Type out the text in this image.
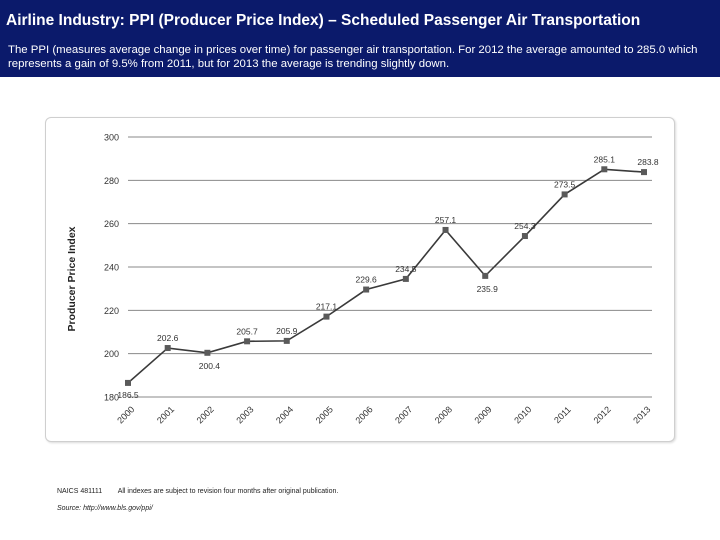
Airline Industry: PPI (Producer Price Index) – Scheduled Passenger Air Transportation
The PPI (measures average change in prices over time) for passenger air transportation. For 2012 the average amounted to 285.0 which represents a gain of 9.5% from 2011, but for 2013 the average is trending slightly down.
180
200
220
240
260
280
300
Producer Price Index
2000 2001 2002 2003 2004 2005 2006 2007 2008 2009 2010 2011 2012 2013
186.5
202.6
200.4
205.7 205.9
217.1
229.6
234.5
257.1
235.9
254.3
273.5
285.1	283.8
NAICS 481111 All indexes are subject to revision four months after original publication.
Source: http://www.bls.gov/ppi/
